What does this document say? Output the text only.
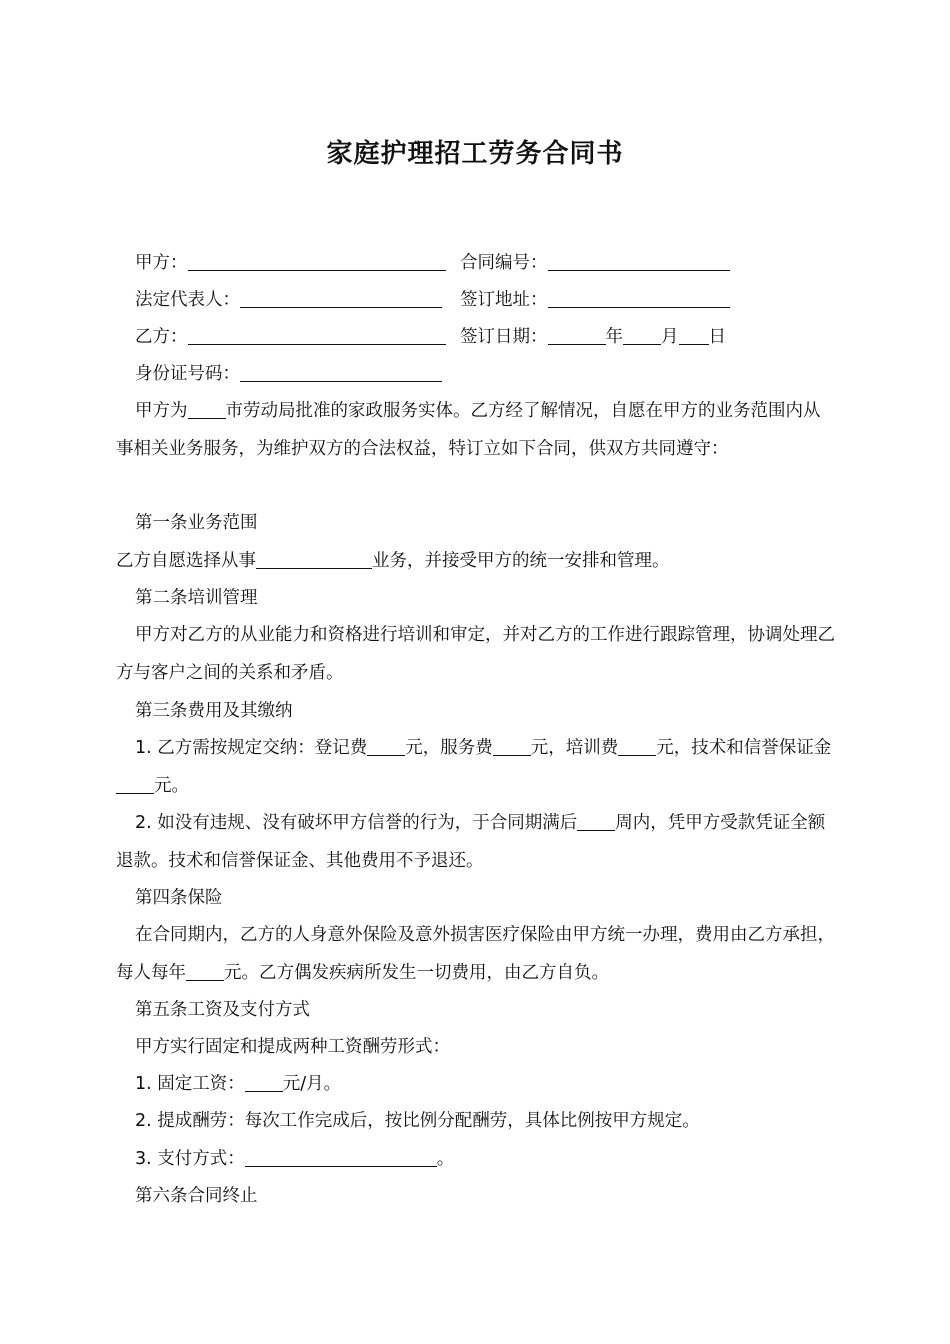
家庭护理招工劳务合同书
甲方：	合同编号：
法定代表人：	签订地址：
乙方：	签订日期：	年 月 日
身份证号码：
甲方为 市劳动局批准的家政服务实体。乙方经了解情况，自愿在甲方的业务范围内从事相关业务服务，为维护双方的合法权益，特订立如下合同，供双方共同遵守：
第一条业务范围
乙方自愿选择从事	业务，并接受甲方的统一安排和管理。
第二条培训管理
甲方对乙方的从业能力和资格进行培训和审定，并对乙方的工作进行跟踪管理，协调处理乙方与客户之间的关系和矛盾。
第三条费用及其缴纳
1. 乙方需按规定交纳：登记费 元，服务费 元，培训费 元，技术和信誉保证金元。
2. 如没有违规、没有破坏甲方信誉的行为，于合同期满后 周内，凭甲方受款凭证全额退款。技术和信誉保证金、其他费用不予退还。
第四条保险
在合同期内，乙方的人身意外保险及意外损害医疗保险由甲方统一办理，费用由乙方承担，每人每年 元。乙方偶发疾病所发生一切费用，由乙方自负。
第五条工资及支付方式
甲方实行固定和提成两种工资酬劳形式：
1. 固定工资： 元/月。
2. 提成酬劳：每次工作完成后，按比例分配酬劳，具体比例按甲方规定。
3. 支付方式：	。
第六条合同终止
